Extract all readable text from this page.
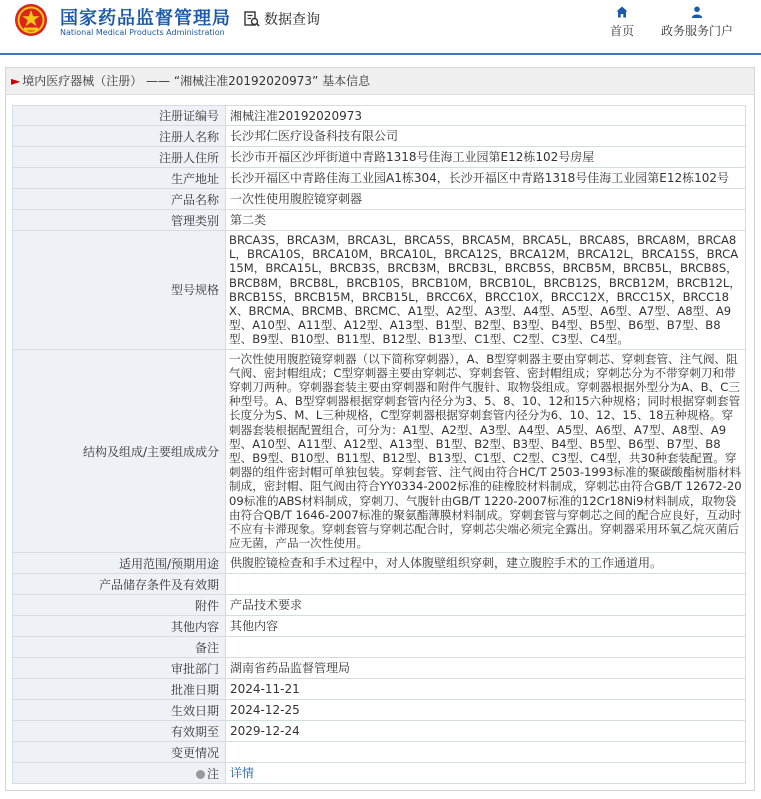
国家药品监督管理局
National Medical Products Administration
数据查询
首页 政务服务门户
► 境内医疗器械（注册） —— “湘械注准20192020973” 基本信息
注册证编号	湘械注准20192020973
注册人名称	长沙邦仁医疗设备科技有限公司
注册人住所	长沙市开福区沙坪街道中青路1318号佳海工业园第E12栋102号房屋
生产地址	长沙开福区中青路佳海工业园A1栋304，长沙开福区中青路1318号佳海工业园第E12栋102号
产品名称	一次性使用腹腔镜穿刺器
管理类别	第二类
型号规格	BRCA3S，BRCA3M，BRCA3L，BRCA5S，BRCA5M，BRCA5L，BRCA8S，BRCA8M，BRCA8L，BRCA10S，BRCA10M，BRCA10L，BRCA12S，BRCA12M，BRCA12L，BRCA15S，BRCA15M，BRCA15L，BRCB3S，BRCB3M，BRCB3L，BRCB5S，BRCB5M，BRCB5L，BRCB8S，BRCB8M，BRCB8L，BRCB10S，BRCB10M，BRCB10L，BRCB12S，BRCB12M，BRCB12L，BRCB15S，BRCB15M，BRCB15L，BRCC6X，BRCC10X，BRCC12X，BRCC15X，BRCC18X、BRCMA、BRCMB、BRCMC、A1型、A2型、A3型、A4型、A5型、A6型、A7型、A8型、A9型、A10型、A11型、A12型、A13型、B1型、B2型、B3型、B4型、B5型、B6型、B7型、B8型、B9型、B10型、B11型、B12型、B13型、C1型、C2型、C3型、C4型。
结构及组成/主要组成成分	一次性使用腹腔镜穿刺器（以下简称穿刺器），A、B型穿刺器主要由穿刺芯、穿刺套管、注气阀、阻气阀、密封帽组成；C型穿刺器主要由穿刺芯、穿刺套管、密封帽组成；穿刺芯分为不带穿刺刀和带穿刺刀两种。穿刺器套装主要由穿刺器和附件气腹针、取物袋组成。穿刺器根据外型分为A、B、C三种型号。A、B型穿刺器根据穿刺套管内径分为3、5、8、10、12和15六种规格；同时根据穿刺套管长度分为S、M、L三种规格，C型穿刺器根据穿刺套管内径分为6、10、12、15、18五种规格。穿刺器套装根据配置组合，可分为：A1型、A2型、A3型、A4型、A5型、A6型、A7型、A8型、A9型、A10型、A11型、A12型、A13型、B1型、B2型、B3型、B4型、B5型、B6型、B7型、B8型、B9型、B10型、B11型、B12型、B13型、C1型、C2型、C3型、C4型，共30种套装配置。穿刺器的组件密封帽可单独包装。穿刺套管、注气阀由符合HC/T 2503-1993标准的聚碳酸酯树脂材料制成，密封帽、阻气阀由符合YY0334-2002标准的硅橡胶材料制成，穿刺芯由符合GB/T 12672-2009标准的ABS材料制成，穿刺刀、气腹针由GB/T 1220-2007标准的12Cr18Ni9材料制成，取物袋由符合QB/T 1646-2007标准的聚氨酯薄膜材料制成。穿刺套管与穿刺芯之间的配合应良好，互动时不应有卡滞现象。穿刺套管与穿刺芯配合时，穿刺芯尖端必须完全露出。穿刺器采用环氧乙烷灭菌后应无菌，产品一次性使用。
适用范围/预期用途	供腹腔镜检查和手术过程中，对人体腹壁组织穿刺，建立腹腔手术的工作通道用。
产品储存条件及有效期	
附件	产品技术要求
其他内容	其他内容
备注	
审批部门	湖南省药品监督管理局
批准日期	2024-11-21
生效日期	2024-12-25
有效期至	2029-12-24
变更情况	
注	详情
